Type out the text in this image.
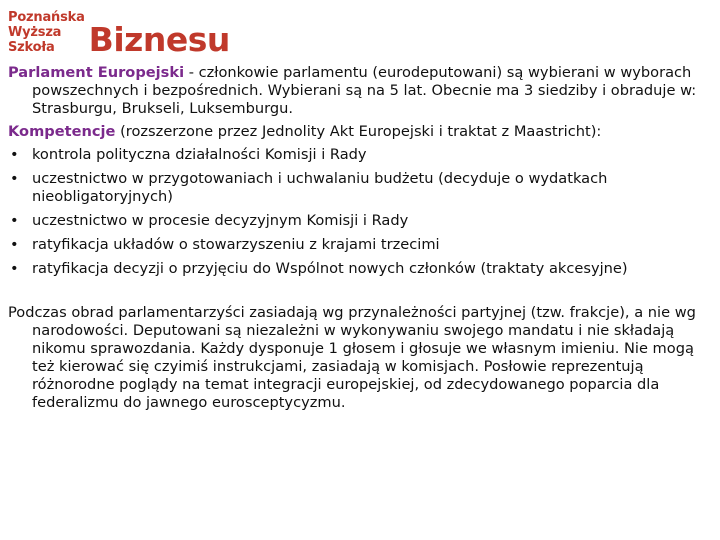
Poznańska
Wyższa
Szkoła	Biznesu

Parlament Europejski - członkowie parlamentu (eurodeputowani) są wybierani w wyborach powszechnych i bezpośrednich. Wybierani są na 5 lat. Obecnie ma 3 siedziby i obraduje w: Strasburgu, Brukseli, Luksemburgu.

Kompetencje (rozszerzone przez Jednolity Akt Europejski i traktat z Maastricht):

• kontrola polityczna działalności Komisji i Rady
• uczestnictwo w przygotowaniach i uchwalaniu budżetu (decyduje o wydatkach nieobligatoryjnych)
• uczestnictwo w procesie decyzyjnym Komisji i Rady
• ratyfikacja układów o stowarzyszeniu z krajami trzecimi
• ratyfikacja decyzji o przyjęciu do Wspólnot nowych członków (traktaty akcesyjne)

Podczas obrad parlamentarzyści zasiadają wg przynależności partyjnej (tzw. frakcje), a nie wg narodowości. Deputowani są niezależni w wykonywaniu swojego mandatu i nie składają nikomu sprawozdania. Każdy dysponuje 1 głosem i głosuje we własnym imieniu. Nie mogą też kierować się czyimiś instrukcjami, zasiadają w komisjach. Posłowie reprezentują różnorodne poglądy na temat integracji europejskiej, od zdecydowanego poparcia dla federalizmu do jawnego eurosceptycyzmu.
